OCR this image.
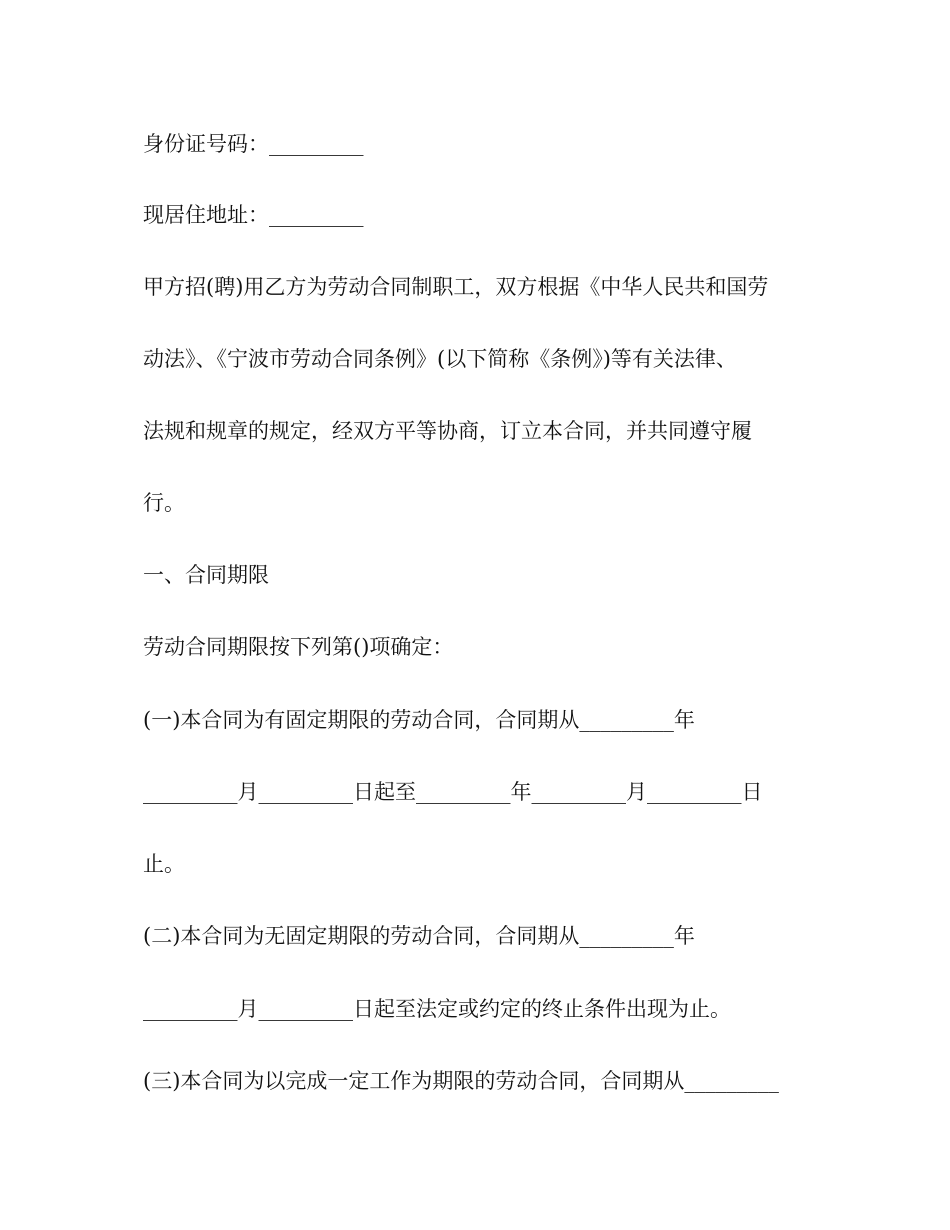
身份证号码：_________

现居住地址：_________

甲方招(聘)用乙方为劳动合同制职工，双方根据《中华人民共和国劳

动法》、《宁波市劳动合同条例》(以下简称《条例》)等有关法律、

法规和规章的规定，经双方平等协商，订立本合同，并共同遵守履

行。

一、合同期限

劳动合同期限按下列第()项确定：

(一)本合同为有固定期限的劳动合同，合同期从_________年

_________月_________日起至_________年_________月_________日

止。

(二)本合同为无固定期限的劳动合同，合同期从_________年

_________月_________日起至法定或约定的终止条件出现为止。

(三)本合同为以完成一定工作为期限的劳动合同，合同期从_________
